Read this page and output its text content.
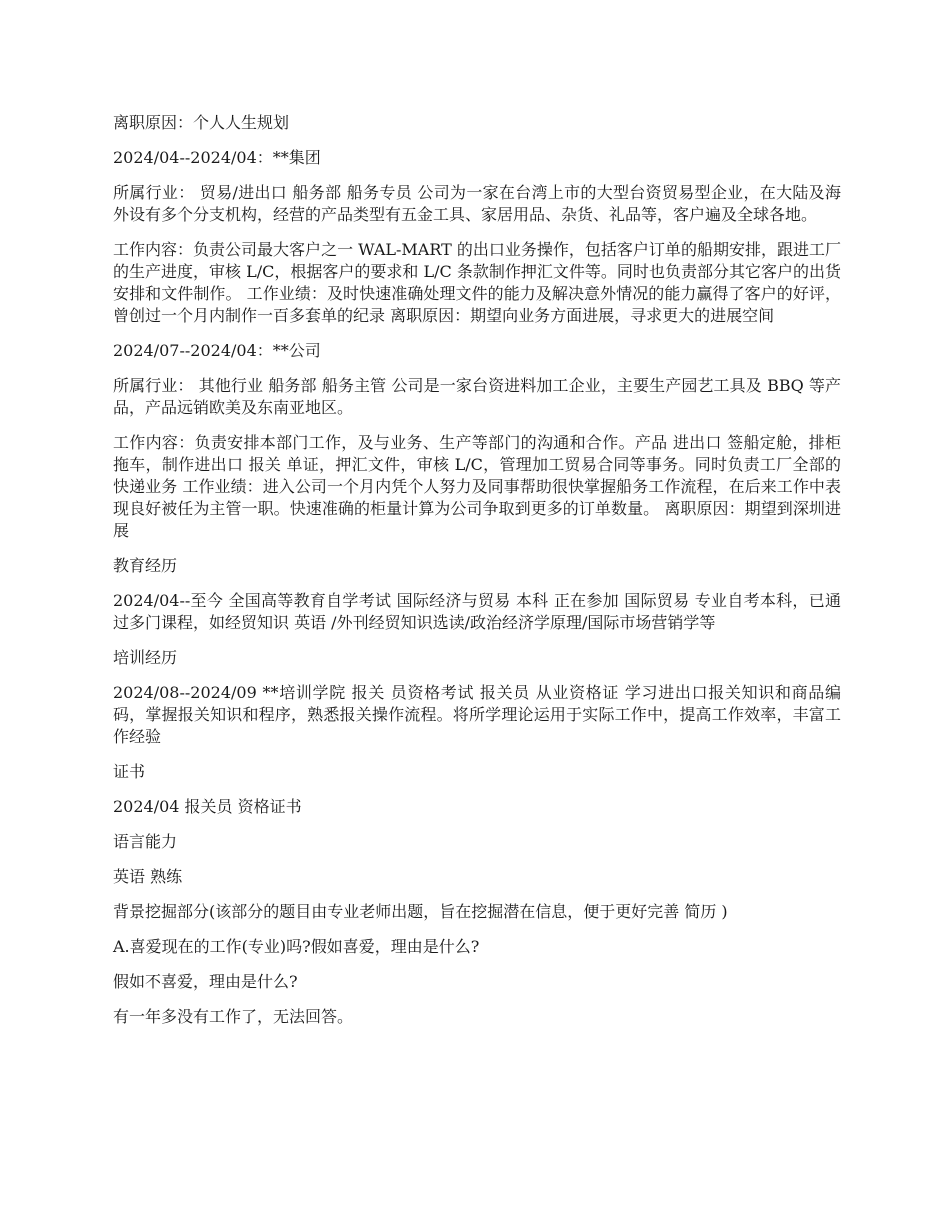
离职原因：个人人生规划

2024/04--2024/04：**集团

所属行业： 贸易/进出口 船务部 船务专员 公司为一家在台湾上市的大型台资贸易型企业，在大陆及海外设有多个分支机构，经营的产品类型有五金工具、家居用品、杂货、礼品等，客户遍及全球各地。

工作内容：负责公司最大客户之一 WAL-MART 的出口业务操作，包括客户订单的船期安排，跟进工厂的生产进度，审核 L/C，根据客户的要求和 L/C 条款制作押汇文件等。同时也负责部分其它客户的出货安排和文件制作。 工作业绩：及时快速准确处理文件的能力及解决意外情况的能力赢得了客户的好评，曾创过一个月内制作一百多套单的纪录 离职原因：期望向业务方面进展，寻求更大的进展空间

2024/07--2024/04：**公司

所属行业： 其他行业 船务部 船务主管 公司是一家台资进料加工企业，主要生产园艺工具及 BBQ 等产品，产品远销欧美及东南亚地区。

工作内容：负责安排本部门工作，及与业务、生产等部门的沟通和合作。产品 进出口 签船定舱，排柜拖车，制作进出口 报关 单证，押汇文件，审核 L/C，管理加工贸易合同等事务。同时负责工厂全部的快递业务 工作业绩：进入公司一个月内凭个人努力及同事帮助很快掌握船务工作流程，在后来工作中表现良好被任为主管一职。快速准确的柜量计算为公司争取到更多的订单数量。 离职原因：期望到深圳进展

教育经历

2024/04--至今 全国高等教育自学考试 国际经济与贸易 本科 正在参加 国际贸易 专业自考本科，已通过多门课程，如经贸知识 英语 /外刊经贸知识选读/政治经济学原理/国际市场营销学等

培训经历

2024/08--2024/09 **培训学院 报关 员资格考试 报关员 从业资格证 学习进出口报关知识和商品编码，掌握报关知识和程序，熟悉报关操作流程。将所学理论运用于实际工作中，提高工作效率，丰富工作经验

证书

2024/04 报关员 资格证书

语言能力

英语 熟练

背景挖掘部分(该部分的题目由专业老师出题，旨在挖掘潜在信息，便于更好完善 简历 )

A.喜爱现在的工作(专业)吗?假如喜爱，理由是什么?

假如不喜爱，理由是什么?

有一年多没有工作了，无法回答。
